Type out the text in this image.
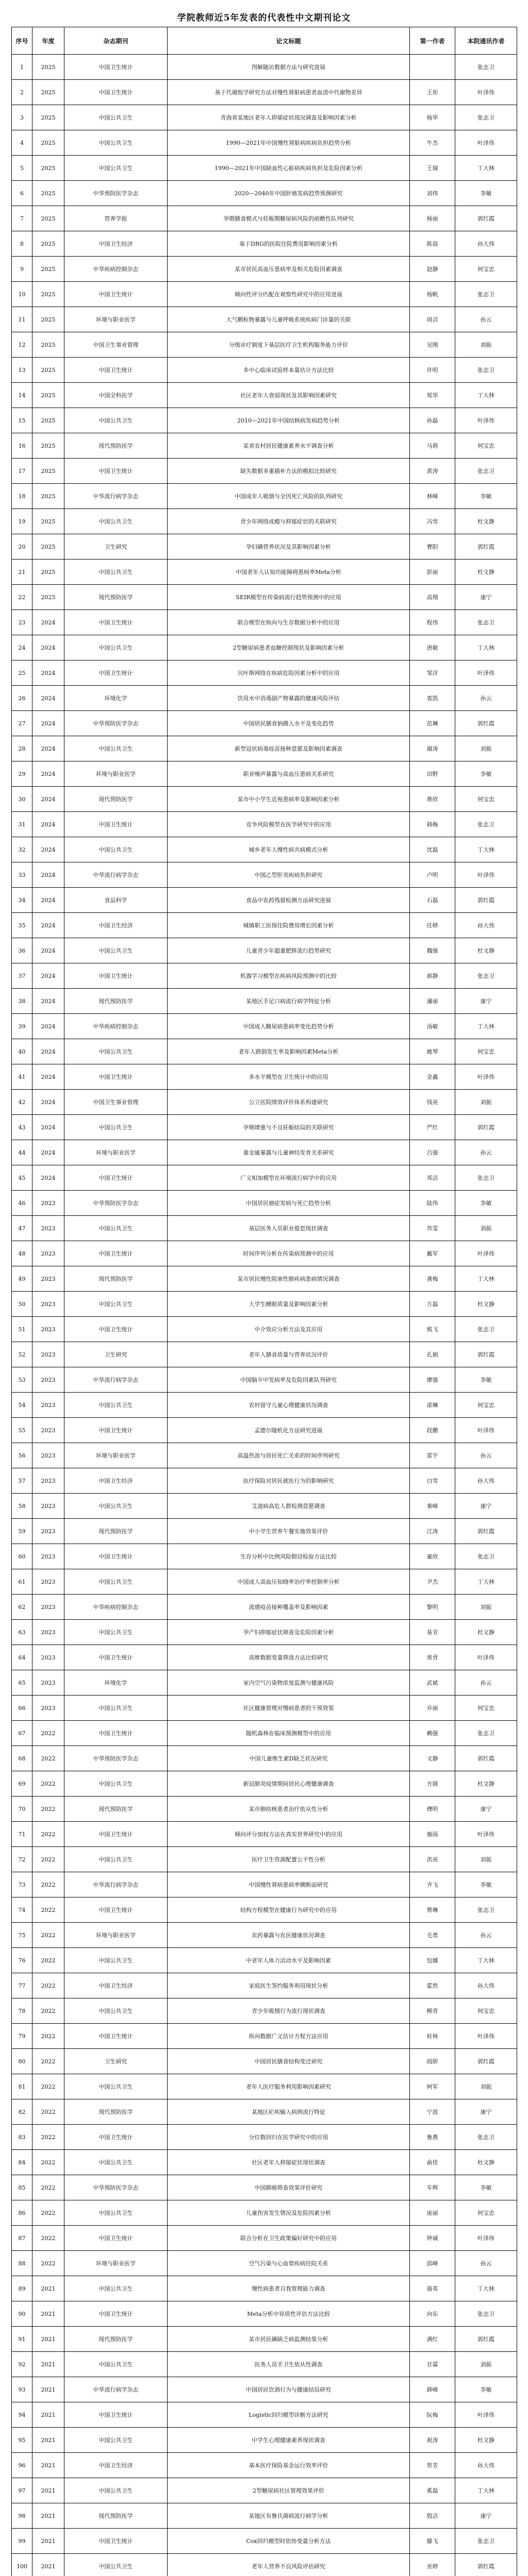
学院教师近5年发表的代表性中文期刊论文
序号	年度	杂志期刊	论文标题	第一作者	本院通讯作者
1	2025	中国卫生统计	图解随访数据方法与研究进展		张志卫
2	2025	中国卫生统计	基于代谢组学研究方法对慢性肾脏病患者血清中代谢物差异	王彤	叶泽伟
3	2025	中国公共卫生	青海省某地区老年人抑郁症状现况调查及影响因素分析	杨华	张志卫
4	2025	中国公共卫生	1990—2021年中国慢性肾脏病疾病负担趋势分析	牛杰	叶泽伟
5	2025	中国公共卫生	1990—2021年中国缺血性心脏病疾病负担及危险因素分析	王瑞	丁大林
6	2025	中华预防医学杂志	2020—2040年中国肝癌发病趋势预测研究	刘伟	李敏
7	2025	营养学报	孕期膳食模式与妊娠期糖尿病风险的前瞻性队列研究	杨丽	郭红霞
8	2025	中国卫生经济	基于DRG的医院住院费用影响因素分析	陈晨	孙大伟
9	2025	中华疾病控制杂志	某市居民高血压患病率及相关危险因素调查	赵静	何宝忠
10	2025	中国卫生统计	倾向性评分匹配在观察性研究中的应用进展	杨帆	张志卫
11	2025	环境与职业医学	大气颗粒物暴露与儿童呼吸系统疾病门诊量的关联	周洁	孙云
12	2025	中国卫生事业管理	分级诊疗制度下基层医疗卫生机构服务能力评价	吴刚	刘振
13	2025	中国卫生统计	多中心临床试验样本量估计方法比较	许明	张志卫
14	2025	中国全科医学	社区老年人衰弱现状及其影响因素研究	郑华	丁大林
15	2025	中国公共卫生	2010—2021年中国结核病发病趋势分析	孙磊	叶泽伟
16	2025	现代预防医学	某省农村居民健康素养水平调查分析	马莉	何宝忠
17	2025	中国卫生统计	缺失数据多重插补方法的模拟比较研究	黄涛	张志卫
18	2025	中华流行病学杂志	中国成年人吸烟与全因死亡风险的队列研究	林峰	李敏
19	2025	中国公共卫生	青少年网络成瘾与抑郁症状的关联研究	冯雪	杜文静
20	2025	卫生研究	孕妇碘营养状况及其影响因素分析	曹阳	郭红霞
21	2025	中国公共卫生	中国老年人认知功能障碍患病率Meta分析	彭丽	杜文静
22	2025	现代预防医学	SEIR模型在传染病流行趋势预测中的应用	高翔	康宁
23	2024	中国卫生统计	联合模型在纵向与生存数据分析中的应用	程伟	张志卫
24	2024	中国公共卫生	2型糖尿病患者血糖控制现状及影响因素分析	唐敏	丁大林
25	2024	中国卫生统计	贝叶斯网络在疾病危险因素分析中的应用	邹洋	叶泽伟
26	2024	环境化学	饮用水中消毒副产物暴露的健康风险评估	袁凯	孙云
27	2024	中华预防医学杂志	中国居民膳食钠摄入水平及变化趋势	范琳	郭红霞
28	2024	中国公共卫生	新型冠状病毒疫苗接种意愿及影响因素调查	谢涛	刘振
29	2024	环境与职业医学	职业噪声暴露与高血压患病关系研究	田野	李敏
30	2024	现代预防医学	某市中小学生近视患病率及影响因素分析	蒋欣	何宝忠
31	2024	中国卫生统计	竞争风险模型在医学研究中的应用	韩梅	张志卫
32	2024	中国公共卫生	城乡老年人慢性病共病模式分析	沈磊	丁大林
33	2024	中华流行病学杂志	中国乙型肝炎疾病负担研究	卢明	叶泽伟
34	2024	食品科学	食品中农药残留检测方法研究进展	石磊	郭红霞
35	2024	中国卫生经济	城镇职工医保住院费用增长因素分析	任婷	孙大伟
36	2024	中国公共卫生	儿童青少年超重肥胖流行趋势研究	魏强	杜文静
37	2024	中国卫生统计	机器学习模型在疾病风险预测中的比较	郝静	张志卫
38	2024	现代预防医学	某地区手足口病流行病学特征分析	潘丽	康宁
39	2024	中华疾病控制杂志	中国成人糖尿病患病率变化趋势分析	汤敏	丁大林
40	2024	中国公共卫生	老年人跌倒发生率及影响因素Meta分析	姚琴	何宝忠
41	2024	中国卫生统计	多水平模型在卫生统计中的应用	金鑫	叶泽伟
42	2024	中国卫生事业管理	公立医院绩效评价体系构建研究	钱亮	刘振
43	2024	中国公共卫生	孕期增重与不良妊娠结局的关联研究	严红	郭红霞
44	2024	环境与职业医学	重金属暴露与儿童神经发育关系研究	吕强	孙云
45	2024	中国卫生统计	广义相加模型在环境流行病学中的应用	邓洁	张志卫
46	2023	中华预防医学杂志	中国居民癌症发病与死亡趋势分析	陆伟	李敏
47	2023	中国公共卫生	基层医务人员职业倦怠现状调查	苏雯	刘振
48	2023	中国卫生统计	时间序列分析在传染病预测中的应用	戴军	叶泽伟
49	2023	现代预防医学	某市居民慢性阻塞性肺疾病患病情况调查	龚梅	丁大林
50	2023	中国公共卫生	大学生睡眠质量及影响因素分析	万磊	杜文静
51	2023	中国卫生统计	中介效应分析方法及其应用	熊飞	张志卫
52	2023	卫生研究	老年人膳食质量与营养状况评价	孔娟	郭红霞
53	2023	中华流行病学杂志	中国脑卒中发病率及危险因素队列研究	廖强	李敏
54	2023	中国公共卫生	农村留守儿童心理健康状况调查	邵琳	何宝忠
55	2023	中国卫生统计	孟德尔随机化方法研究进展	段鹏	叶泽伟
56	2023	环境与职业医学	高温热浪与居民死亡关系的时间序列研究	雷宇	孙云
57	2023	中国卫生经济	医疗保险对居民就医行为的影响研究	白雪	孙大伟
58	2023	中国公共卫生	艾滋病高危人群检测意愿调查	秦峰	康宁
59	2023	现代预防医学	中小学生营养午餐实施效果评价	江涛	郭红霞
60	2023	中国卫生统计	生存分析中比例风险假设检验方法比较	童欣	张志卫
61	2023	中国公共卫生	中国成人高血压知晓率治疗率控制率分析	尹杰	丁大林
62	2023	中华疾病控制杂志	流感疫苗接种覆盖率及影响因素	黎明	刘振
63	2023	中国公共卫生	孕产妇抑郁症状筛查及危险因素分析	易芳	杜文静
64	2023	中国卫生统计	高维数据变量筛选方法比较研究	常青	叶泽伟
65	2023	环境化学	室内空气污染物浓度监测与健康风险	武斌	孙云
66	2023	中国公共卫生	社区健康管理对慢病患者的干预效果	乔丽	何宝忠
67	2022	中国卫生统计	随机森林在临床预测模型中的应用	赖强	张志卫
68	2022	中华预防医学杂志	中国儿童维生素D缺乏状况研究	文静	郭红霞
69	2022	中国公共卫生	新冠肺炎疫情期间居民心理健康调查	方圆	杜文静
70	2022	现代预防医学	某市肺结核患者治疗依从性分析	傅明	康宁
71	2022	中国卫生统计	倾向评分加权方法在真实世界研究中的应用	施雨	叶泽伟
72	2022	中国公共卫生	医疗卫生资源配置公平性分析	洪亮	刘振
73	2022	中华流行病学杂志	中国慢性肾病患病率横断面研究	齐飞	李敏
74	2022	中国卫生统计	结构方程模型在健康行为研究中的应用	蔡琳	张志卫
75	2022	环境与职业医学	农药暴露与农民健康状况调查	毛勇	孙云
76	2022	中国公共卫生	中老年人体力活动水平及影响因素	包娜	丁大林
77	2022	中国卫生经济	家庭医生签约服务利用现状分析	霍然	孙大伟
78	2022	中国公共卫生	青少年吸烟行为流行现状调查	柳青	何宝忠
79	2022	中国卫生统计	纵向数据广义估计方程方法应用	桂林	叶泽伟
80	2022	卫生研究	中国居民膳食结构变迁研究	阎妍	郭红霞
81	2022	中国公共卫生	老年人医疗服务利用影响因素研究	柯军	刘振
82	2022	现代预防医学	某地区疟疾输入病例流行特征	宁波	康宁
83	2022	中国卫生统计	分位数回归在医学研究中的应用	鲁燕	张志卫
84	2022	中国公共卫生	社区老年人抑郁症状现状调查	俞佳	杜文静
85	2022	中华预防医学杂志	中国肺癌筛查效果评价研究	车辉	李敏
86	2022	中国公共卫生	儿童伤害发生情况及危险因素分析	庞丽	何宝忠
87	2022	中国卫生统计	联合分析在卫生政策偏好研究中的应用	钟诚	叶泽伟
88	2022	环境与职业医学	空气污染与心血管疾病住院关系	邱峰	孙云
89	2021	中国公共卫生	慢性病患者自我管理能力调查	骆英	丁大林
90	2021	中国卫生统计	Meta分析中异质性评估方法比较	向东	张志卫
91	2021	现代预防医学	某市居民碘缺乏病监测结果分析	满红	郭红霞
92	2021	中国公共卫生	医务人员手卫生依从性调查	甘霖	刘振
93	2021	中华流行病学杂志	中国居民饮酒行为与健康结局研究	薛峰	李敏
94	2021	中国卫生统计	Logistic回归模型诊断方法研究	阮梅	叶泽伟
95	2021	中国公共卫生	中学生心理健康素养现状调查	祝涛	杜文静
96	2021	中国卫生经济	基本医疗保险基金运行效率评价	贺芳	孙大伟
97	2021	中国公共卫生	2型糖尿病社区管理效果评价	奚磊	丁大林
98	2021	现代预防医学	某地区布鲁氏菌病流行病学分析	殷洁	康宁
99	2021	中国卫生统计	Cox回归模型时依协变量分析方法	滕飞	张志卫
100	2021	中国公共卫生	老年人营养不良风险评估研究	巫婷	郭红霞
